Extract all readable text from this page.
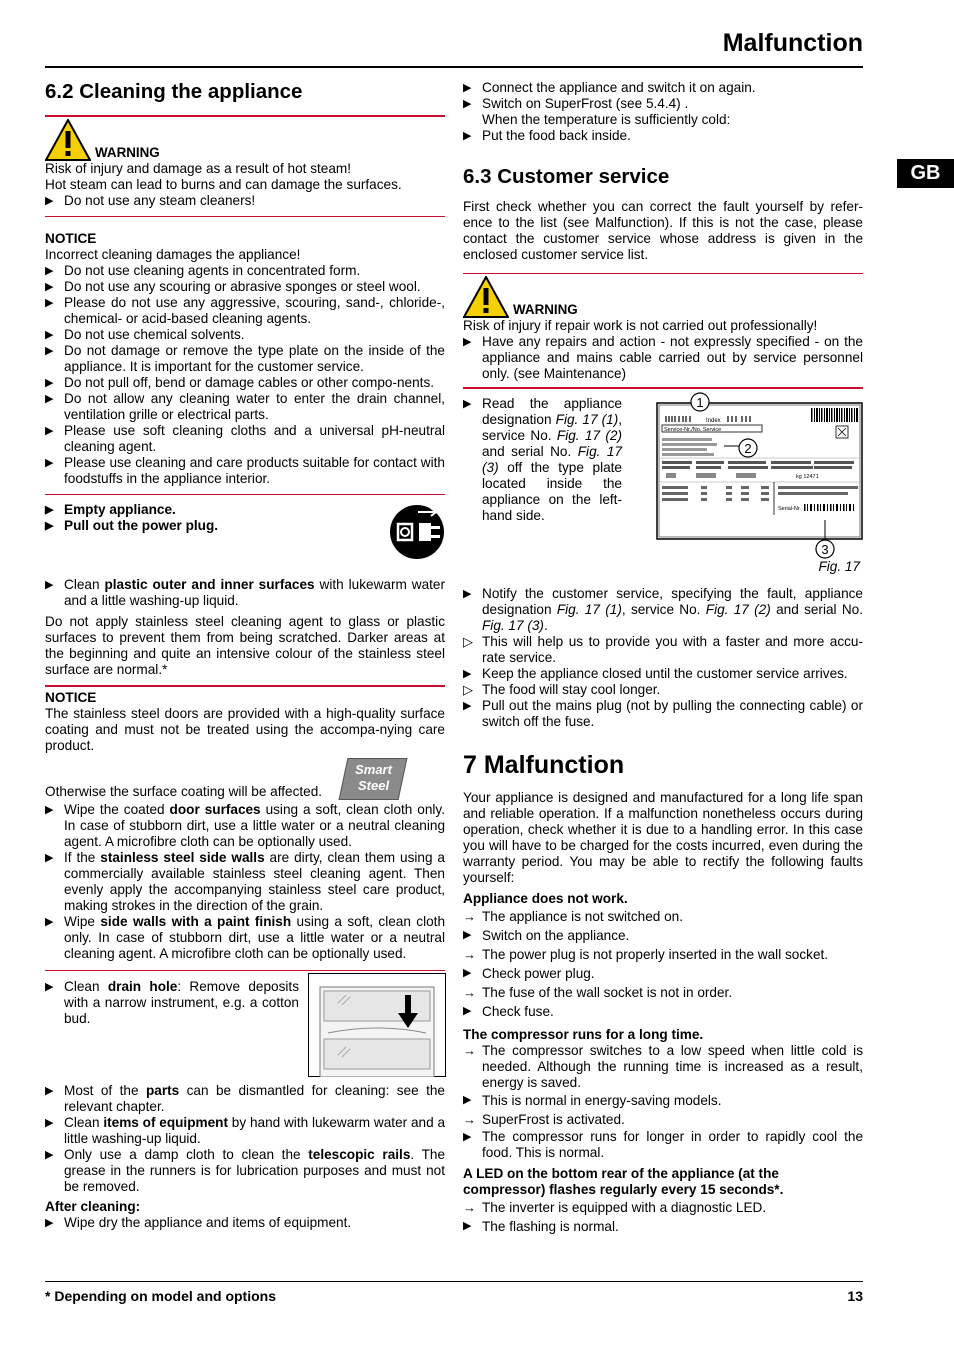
Malfunction
GB
6.2 Cleaning the appliance
WARNING

Risk of injury and damage as a result of hot steam!

Hot steam can lead to burns and can damage the surfaces.

▶ Do not use any steam cleaners!

NOTICE

Incorrect cleaning damages the appliance!

▶ Do not use cleaning agents in concentrated form.
▶ Do not use any scouring or abrasive sponges or steel wool.
▶ Please do not use any aggressive, scouring, sand-, chloride-, chemical- or acid-based cleaning agents.
▶ Do not use chemical solvents.
▶ Do not damage or remove the type plate on the inside of the appliance. It is important for the customer service.
▶ Do not pull off, bend or damage cables or other compo-nents.
▶ Do not allow any cleaning water to enter the drain channel, ventilation grille or electrical parts.
▶ Please use soft cleaning cloths and a universal pH-neutral cleaning agent.
▶ Please use cleaning and care products suitable for contact with foodstuffs in the appliance interior.
▶ Empty appliance.
▶ Pull out the power plug.
▶ Clean plastic outer and inner surfaces with lukewarm water and a little washing-up liquid.

Do not apply stainless steel cleaning agent to glass or plastic surfaces to prevent them from being scratched. Darker areas at the beginning and quite an intensive colour of the stainless steel surface are normal.*

NOTICE

The stainless steel doors are provided with a high-quality surface coating and must not be treated using the accompa-nying care product.

Otherwise the surface coating will be affected.

Smart
Steel
▶ Wipe the coated door surfaces using a soft, clean cloth only. In case of stubborn dirt, use a little water or a neutral cleaning agent. A microfibre cloth can be optionally used.
▶ If the stainless steel side walls are dirty, clean them using a commercially available stainless steel cleaning agent. Then evenly apply the accompanying stainless steel care product, making strokes in the direction of the grain.
▶ Wipe side walls with a paint finish using a soft, clean cloth only. In case of stubborn dirt, use a little water or a neutral cleaning agent. A microfibre cloth can be optionally used.
▶ Clean drain hole: Remove deposits with a narrow instrument, e.g. a cotton bud.
▶ Most of the parts can be dismantled for cleaning: see the relevant chapter.
▶ Clean items of equipment by hand with lukewarm water and a little washing-up liquid.
▶ Only use a damp cloth to clean the telescopic rails. The grease in the runners is for lubrication purposes and must not be removed.

After cleaning:

▶ Wipe dry the appliance and items of equipment.
▶ Connect the appliance and switch it on again.
▶ Switch on SuperFrost (see 5.4.4) .

When the temperature is sufficiently cold:

▶ Put the food back inside.
6.3 Customer service

First check whether you can correct the fault yourself by refer-ence to the list (see Malfunction). If this is not the case, please contact the customer service whose address is given in the enclosed customer service list.

WARNING

Risk of injury if repair work is not carried out professionally!

▶ Have any repairs and action - not expressly specified - on the appliance and mains cable carried out by service personnel only. (see Maintenance)
▶ Read the appliance designation Fig. 17 (1), service No. Fig. 17 (2) and serial No. Fig. 17 (3) off the type plate located inside the appliance on the left-hand side.
1
Index
Service-Nr./No. Service
2
kg 12471
Serial-Nr.
3
Fig. 17
▶ Notify the customer service, specifying the fault, appliance designation Fig. 17 (1), service No. Fig. 17 (2) and serial No. Fig. 17 (3).
▷ This will help us to provide you with a faster and more accu-rate service.
▶ Keep the appliance closed until the customer service arrives.
▷ The food will stay cool longer.
▶ Pull out the mains plug (not by pulling the connecting cable) or switch off the fuse.
7 Malfunction

Your appliance is designed and manufactured for a long life span and reliable operation. If a malfunction nonetheless occurs during operation, check whether it is due to a handling error. In this case you will have to be charged for the costs incurred, even during the warranty period. You may be able to rectify the following faults yourself:

Appliance does not work.

→ The appliance is not switched on.
▶ Switch on the appliance.
→ The power plug is not properly inserted in the wall socket.
▶ Check power plug.
→ The fuse of the wall socket is not in order.
▶ Check fuse.

The compressor runs for a long time.

→ The compressor switches to a low speed when little cold is needed. Although the running time is increased as a result, energy is saved.
▶ This is normal in energy-saving models.
→ SuperFrost is activated.
▶ The compressor runs for longer in order to rapidly cool the food. This is normal.

A LED on the bottom rear of the appliance (at the compressor) flashes regularly every 15 seconds*.

→ The inverter is equipped with a diagnostic LED.
▶ The flashing is normal.
* Depending on model and options	13
